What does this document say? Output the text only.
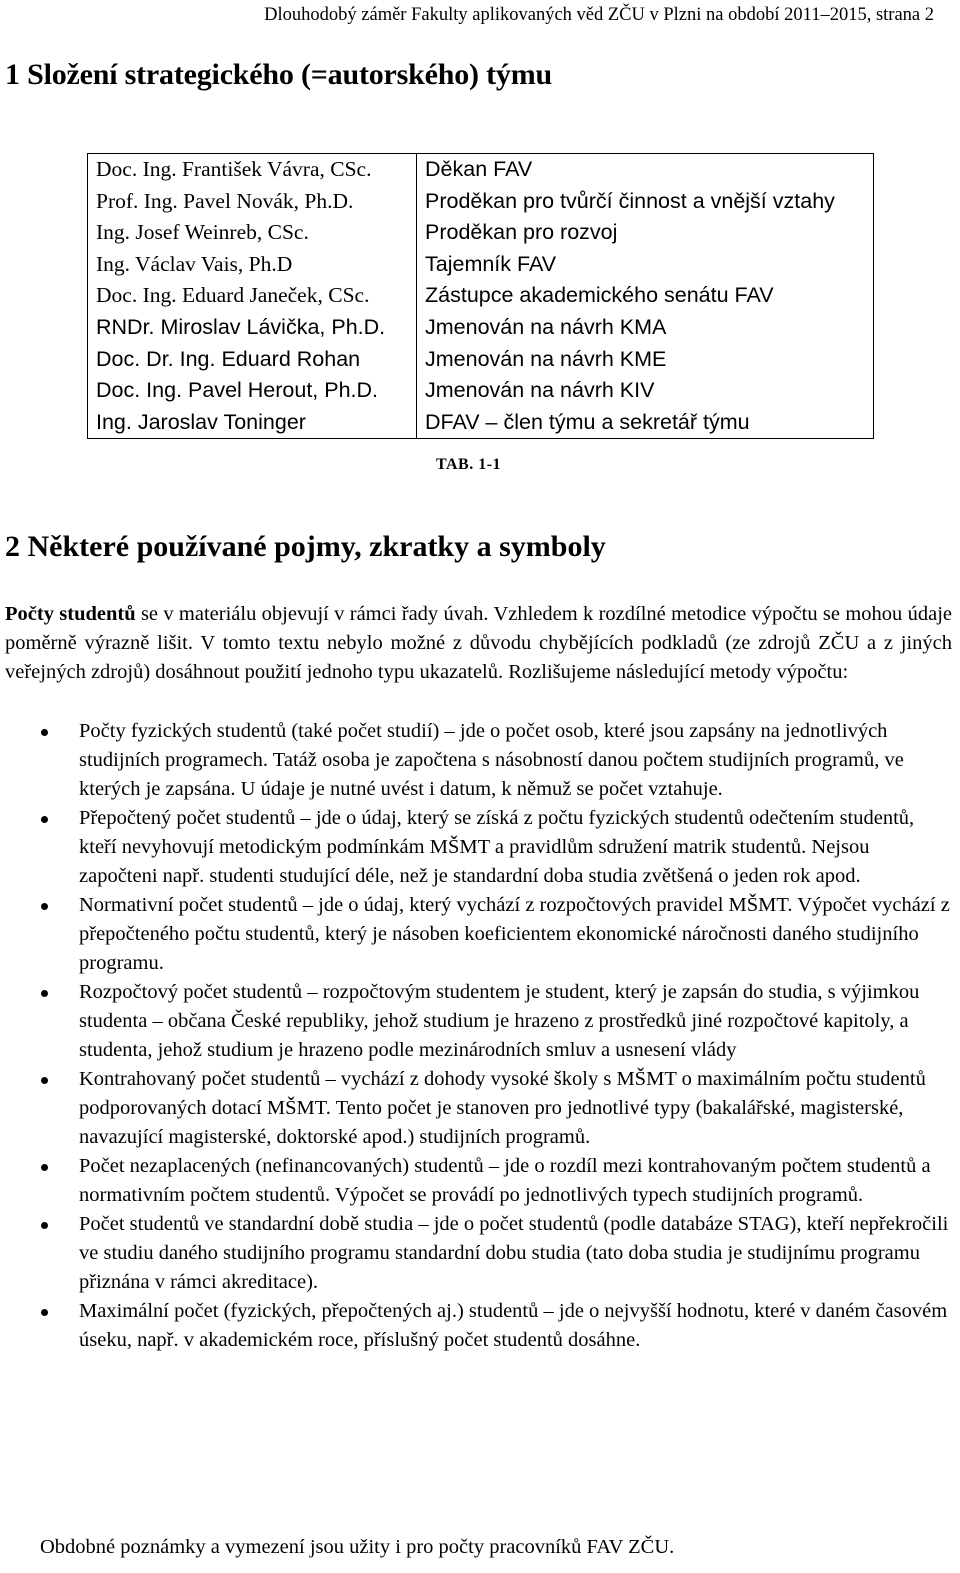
Dlouhodobý záměr Fakulty aplikovaných věd ZČU v Plzni na období 2011–2015, strana 2
1 Složení strategického (=autorského) týmu
Doc. Ing. František Vávra, CSc.	Děkan FAV
Prof. Ing. Pavel Novák, Ph.D.	Proděkan pro tvůrčí činnost a vnější vztahy
Ing. Josef Weinreb, CSc.	Proděkan pro rozvoj
Ing. Václav Vais, Ph.D	Tajemník FAV
Doc. Ing. Eduard Janeček, CSc.	Zástupce akademického senátu FAV
RNDr. Miroslav Lávička, Ph.D.	Jmenován na návrh KMA
Doc. Dr. Ing. Eduard Rohan	Jmenován na návrh KME
Doc. Ing. Pavel Herout, Ph.D.	Jmenován na návrh KIV
Ing. Jaroslav Toninger	DFAV – člen týmu a sekretář týmu
TAB. 1-1
2 Některé používané pojmy, zkratky a symboly
Počty studentů se v materiálu objevují v rámci řady úvah. Vzhledem k rozdílné metodice výpočtu se mohou údaje poměrně výrazně lišit. V tomto textu nebylo možné z důvodu chybějících podkladů (ze zdrojů ZČU a z jiných veřejných zdrojů) dosáhnout použití jednoho typu ukazatelů. Rozlišujeme následující metody výpočtu:
Počty fyzických studentů (také počet studií) – jde o počet osob, které jsou zapsány na jednotlivých studijních programech. Tatáž osoba je započtena s násobností danou počtem studijních programů, ve kterých je zapsána. U údaje je nutné uvést i datum, k němuž se počet vztahuje.
Přepočtený počet studentů – jde o údaj, který se získá z počtu fyzických studentů odečtením studentů, kteří nevyhovují metodickým podmínkám MŠMT a pravidlům sdružení matrik studentů. Nejsou započteni např. studenti studující déle, než je standardní doba studia zvětšená o jeden rok apod.
Normativní počet studentů – jde o údaj, který vychází z rozpočtových pravidel MŠMT. Výpočet vychází z přepočteného počtu studentů, který je násoben koeficientem ekonomické náročnosti daného studijního programu.
Rozpočtový počet studentů – rozpočtovým studentem je student, který je zapsán do studia, s výjimkou studenta – občana České republiky, jehož studium je hrazeno z prostředků jiné rozpočtové kapitoly, a studenta, jehož studium je hrazeno podle mezinárodních smluv a usnesení vlády
Kontrahovaný počet studentů – vychází z dohody vysoké školy s MŠMT o maximálním počtu studentů podporovaných dotací MŠMT. Tento počet je stanoven pro jednotlivé typy (bakalářské, magisterské, navazující magisterské, doktorské apod.) studijních programů.
Počet nezaplacených (nefinancovaných) studentů – jde o rozdíl mezi kontrahovaným počtem studentů a normativním počtem studentů. Výpočet se provádí po jednotlivých typech studijních programů.
Počet studentů ve standardní době studia – jde o počet studentů (podle databáze STAG), kteří nepřekročili ve studiu daného studijního programu standardní dobu studia (tato doba studia je studijnímu programu přiznána v rámci akreditace).
Maximální počet (fyzických, přepočtených aj.) studentů – jde o nejvyšší hodnotu, které v daném časovém úseku, např. v akademickém roce, příslušný počet studentů dosáhne.
Obdobné poznámky a vymezení jsou užity i pro počty pracovníků FAV ZČU.
